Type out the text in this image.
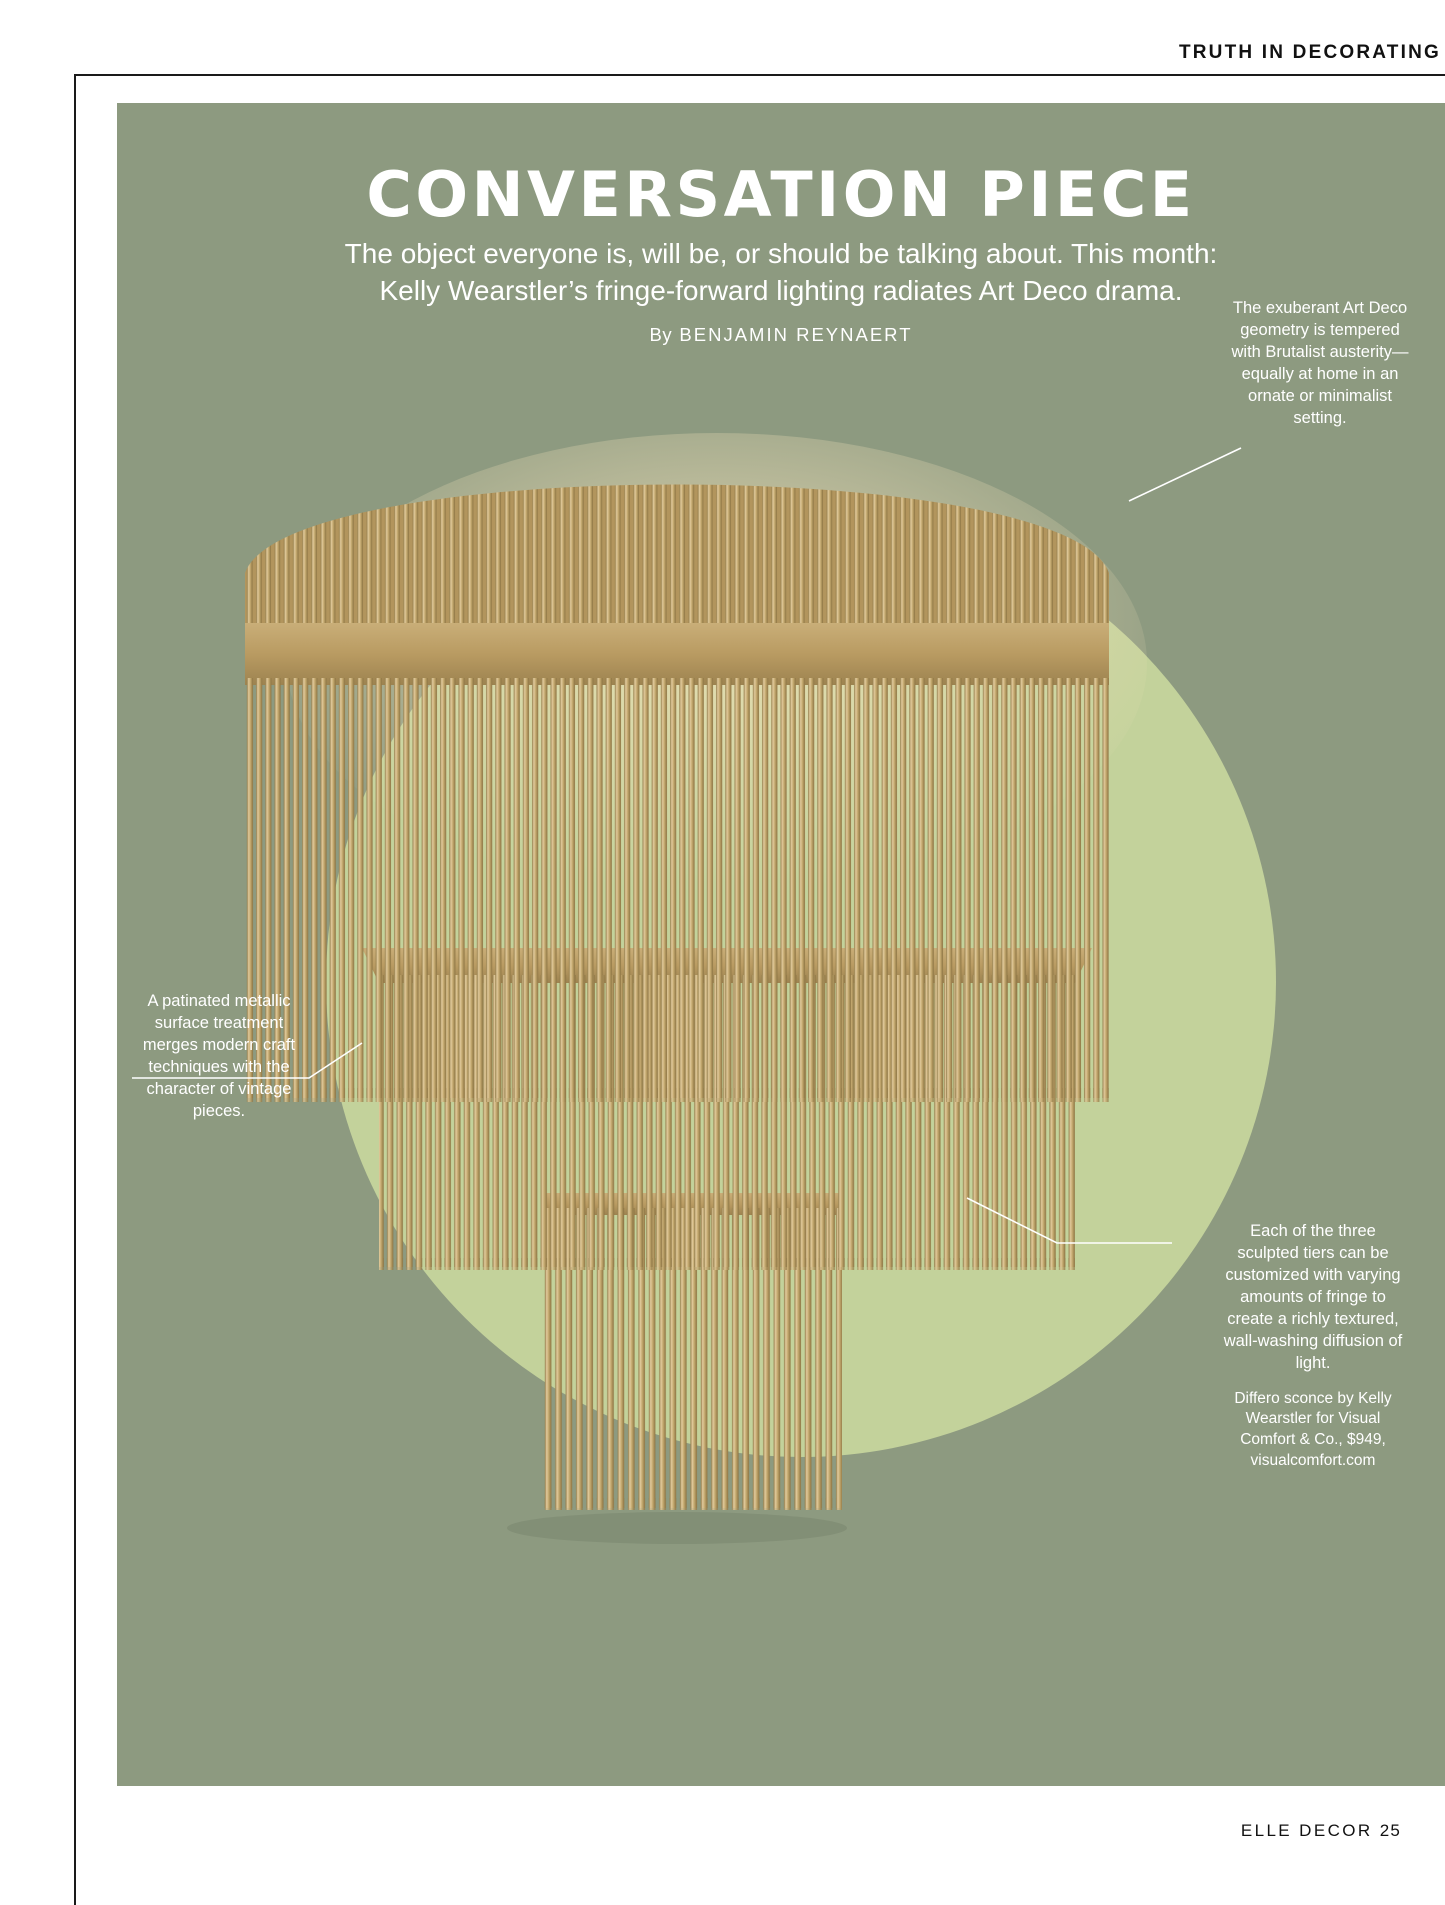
TRUTH IN DECORATING
CONVERSATION PIECE
The object everyone is, will be, or should be talking about. This month:
Kelly Wearstler’s fringe-forward lighting radiates Art Deco drama.
By BENJAMIN REYNAERT
The exuberant Art Deco geometry is tempered with Brutalist austerity—equally at home in an ornate or minimalist setting.
A patinated metallic surface treatment merges modern craft techniques with the character of vintage pieces.
Each of the three sculpted tiers can be customized with varying amounts of fringe to create a richly textured, wall-washing diffusion of light.
Differo sconce by Kelly Wearstler for Visual Comfort & Co., $949, visualcomfort.com
ELLE DECOR 25
